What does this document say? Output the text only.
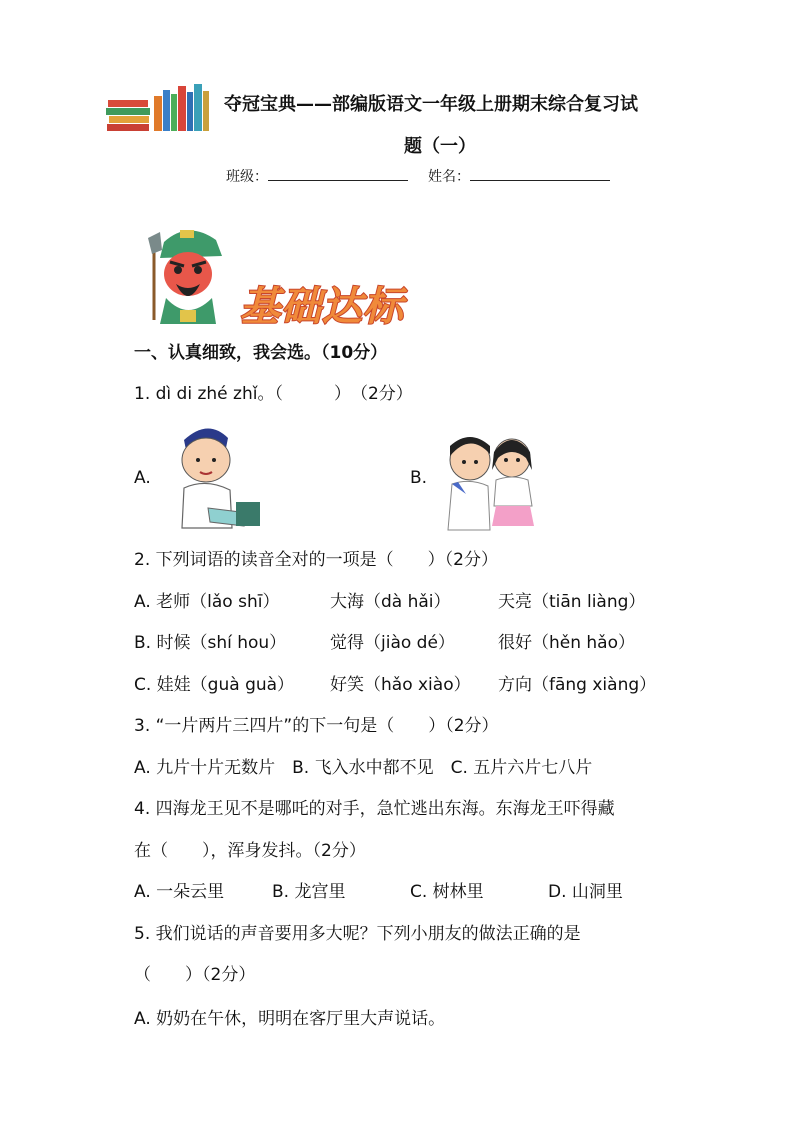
夺冠宝典——部编版语文一年级上册期末综合复习试
题（一）
班级：	姓名：
基础达标
一、认真细致，我会选。（10分）
1. dì di zhé zhǐ。（　　　）　（2分）
A.	B.
2. 下列词语的读音全对的一项是（　　）（2分）
A. 老师（lǎo shī）	大海（dà hǎi）	天亮（tiān liàng）
B. 时候（shí hou）	觉得（jiào dé）	很好（hěn hǎo）
C. 娃娃（guà guà） 好笑（hǎo xiào） 方向（fāng xiàng）
3. “一片两片三四片”的下一句是（　　）（2分）
A. 九片十片无数片　B. 飞入水中都不见　C. 五片六片七八片
4. 四海龙王见不是哪吒的对手，急忙逃出东海。东海龙王吓得藏
在（　　），浑身发抖。（2分）
A. 一朵云里	B. 龙宫里	C. 树林里	D. 山洞里
5. 我们说话的声音要用多大呢？下列小朋友的做法正确的是
（　　）（2分）
A. 奶奶在午休，明明在客厅里大声说话。
